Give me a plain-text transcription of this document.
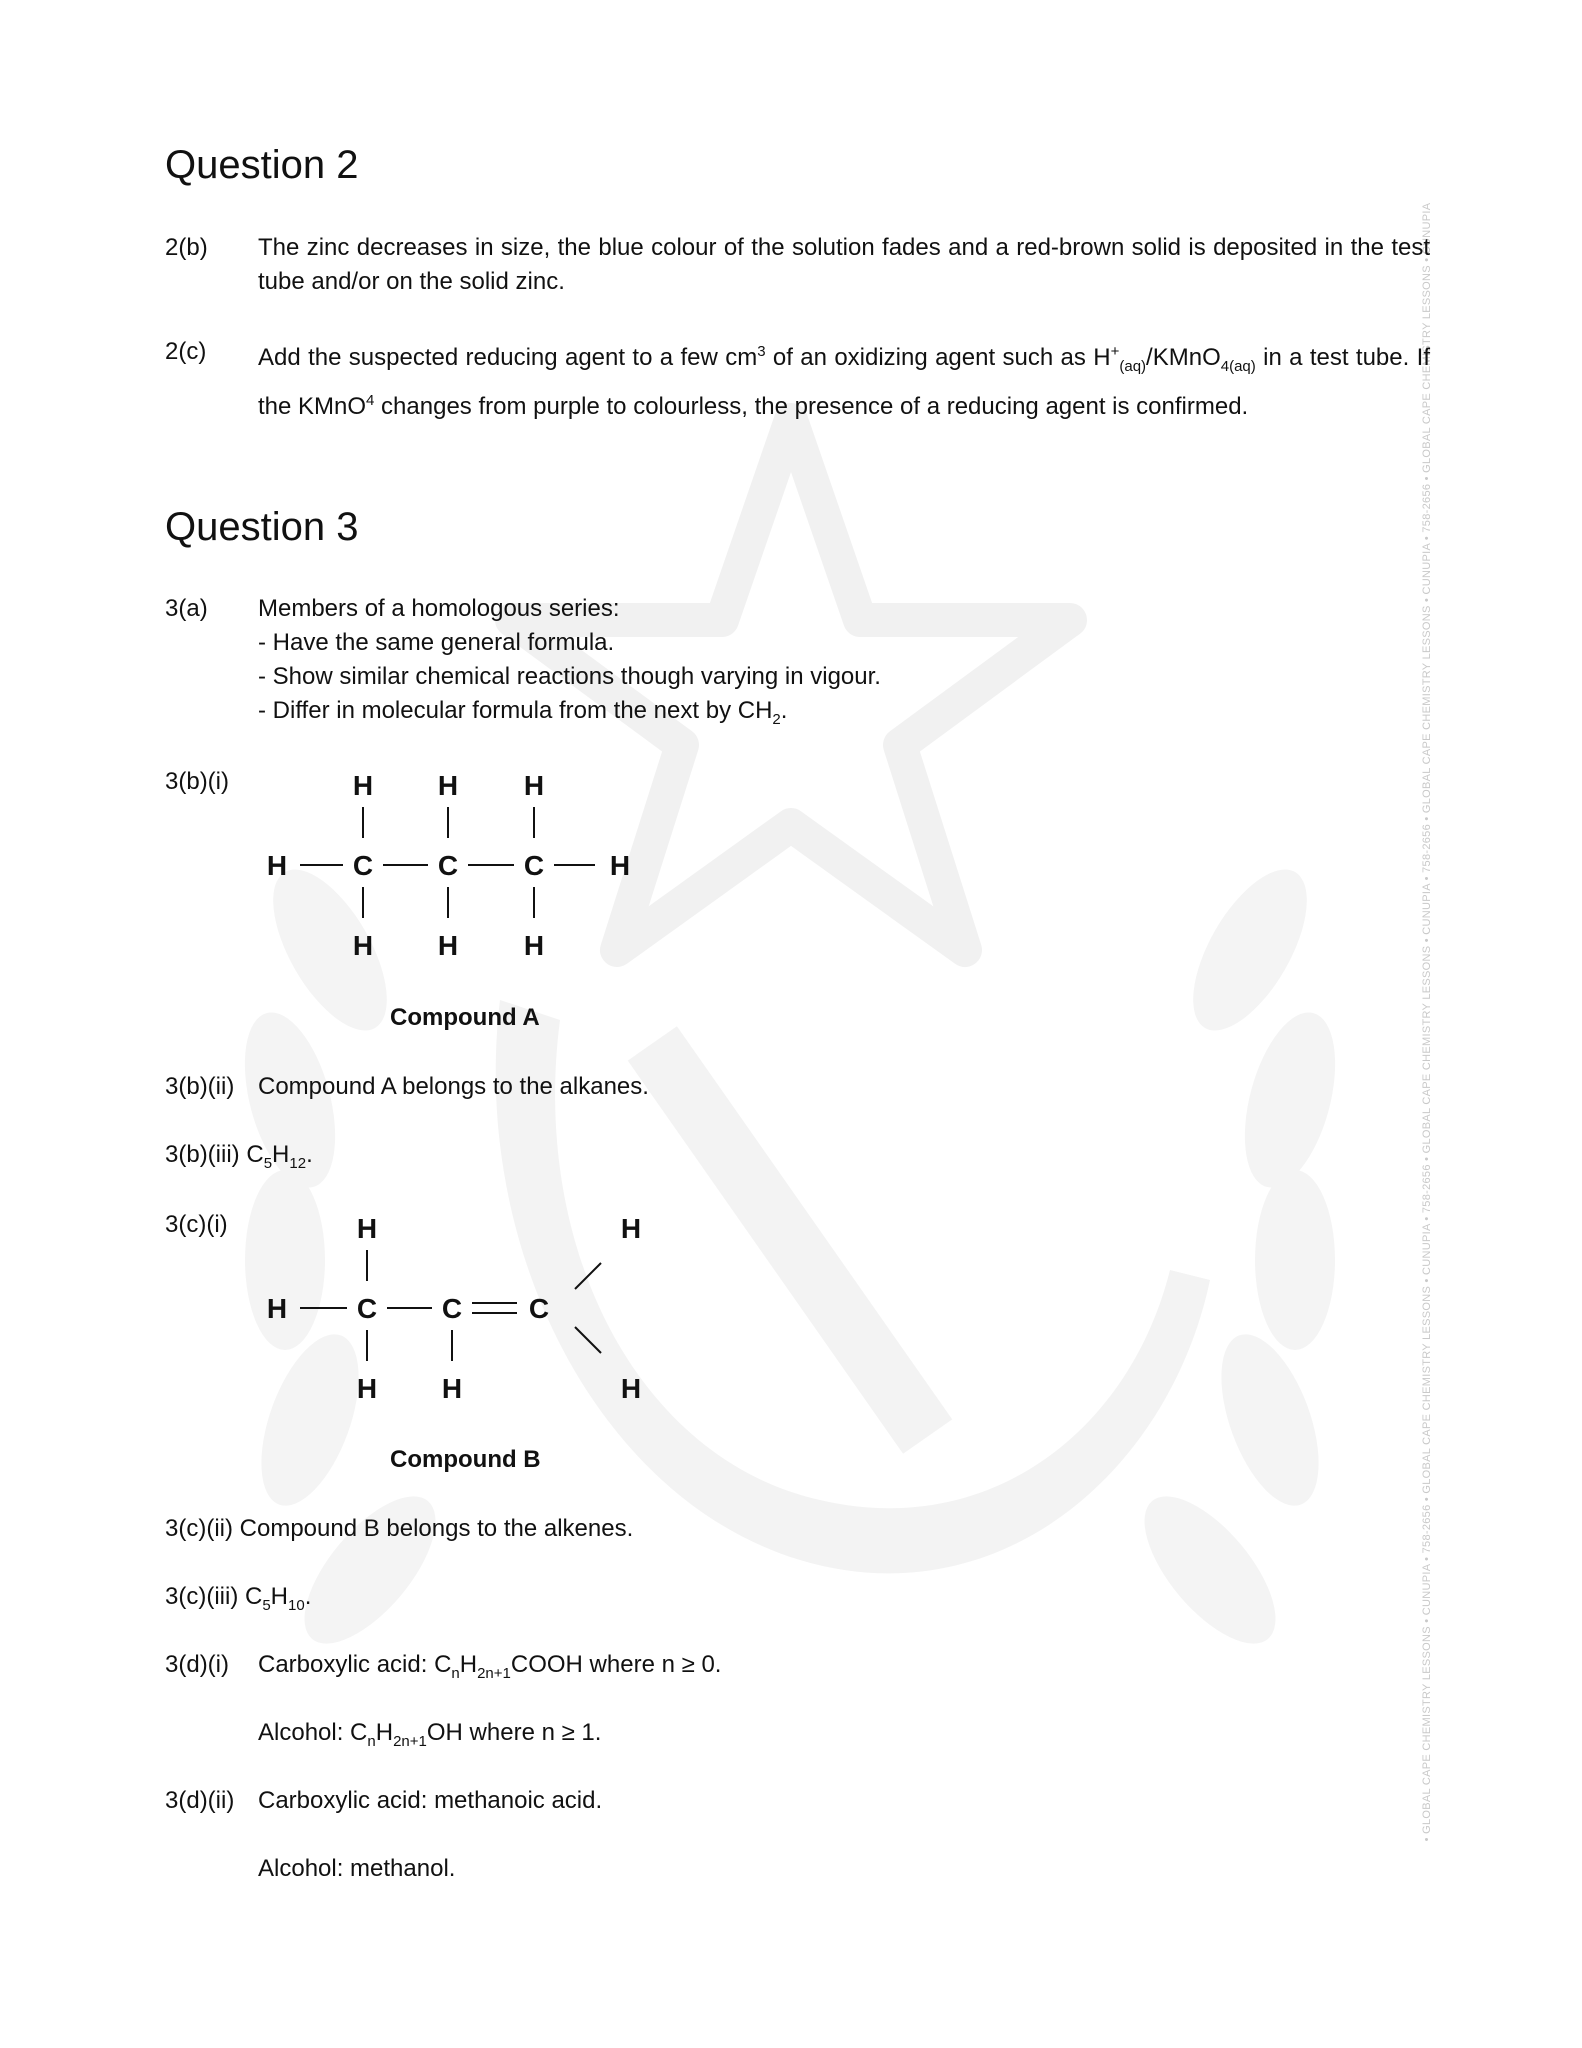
• GLOBAL CAPE CHEMISTRY LESSONS • CUNUPIA • 758-2656 • GLOBAL CAPE CHEMISTRY LESSONS • CUNUPIA • 758-2656 • GLOBAL CAPE CHEMISTRY LESSONS • CUNUPIA • 758-2656 • GLOBAL CAPE CHEMISTRY LESSONS • CUNUPIA • 758-2656 • GLOBAL CAPE CHEMISTRY LESSONS • CUNUPIA
Question 2
2(b) The zinc decreases in size, the blue colour of the solution fades and a red-brown solid is deposited in the test tube and/or on the solid zinc.
2(c) Add the suspected reducing agent to a few $cm^3$ of an oxidizing agent such as $H^+_{(aq)}/KMnO_{4(aq)}$ in a test tube. If the KMnO$^4$ changes from purple to colourless, the presence of a reducing agent is confirmed.
Question 3
3(a) Members of a homologous series:
- Have the same general formula.
- Show similar chemical reactions though varying in vigour.
- Differ in molecular formula from the next by $CH_2$.
3(b)(i)	H H H
H C C C H
H H H
Compound A
3(b)(ii) Compound A belongs to the alkanes.
3(b)(iii) $C_5H_{12}$.
3(c)(i)	H	H
H C C C
H H	H
Compound B
3(c)(ii) Compound B belongs to the alkenes.
3(c)(iii) $C_5H_{10}$.
3(d)(i) Carboxylic acid: $C_nH_{2n+1}COOH$ where n ≥ 0.
Alcohol: $C_nH_{2n+1}OH$ where n ≥ 1.
3(d)(ii) Carboxylic acid: methanoic acid.
Alcohol: methanol.
